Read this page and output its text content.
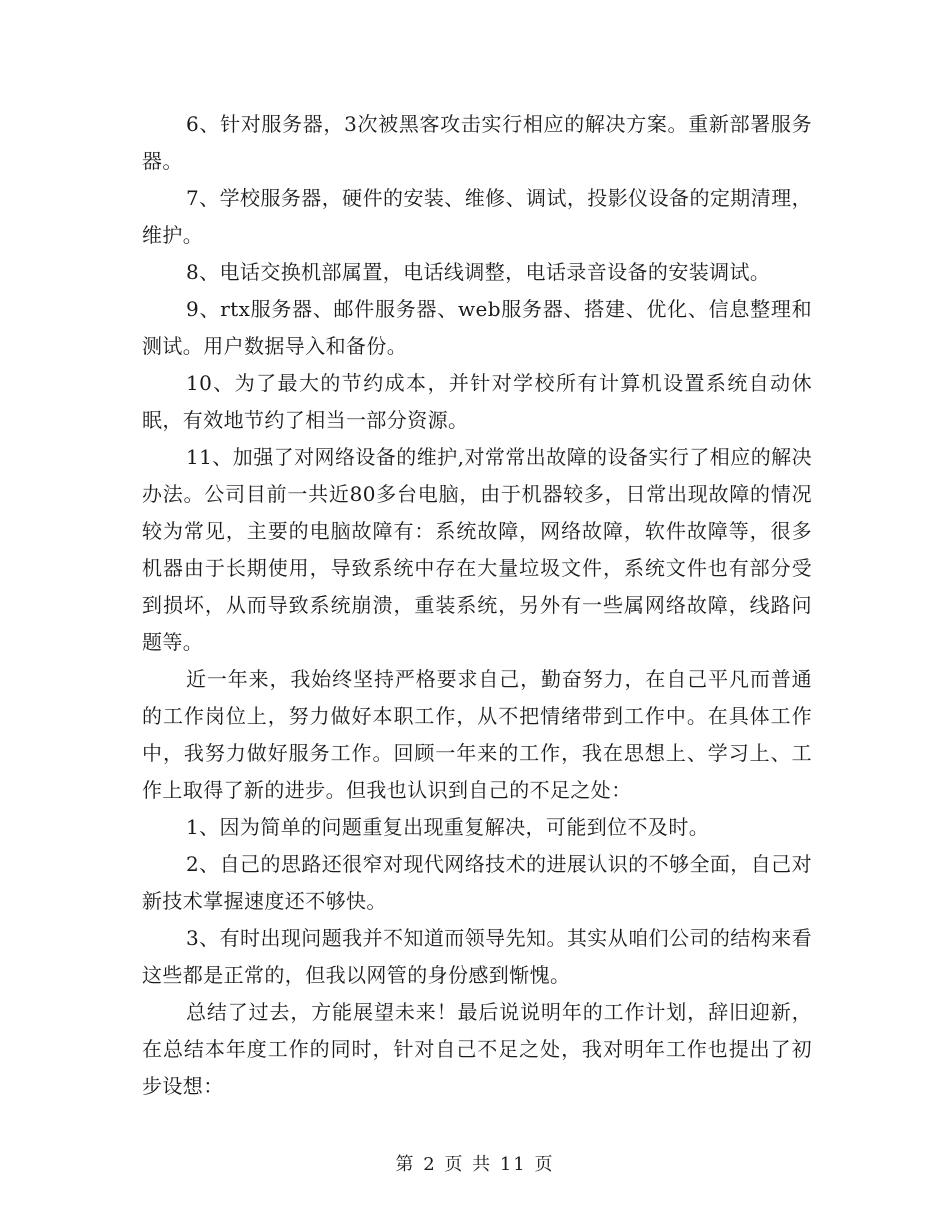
6、针对服务器，3次被黑客攻击实行相应的解决方案。重新部署服务器。

7、学校服务器，硬件的安装、维修、调试，投影仪设备的定期清理，维护。

8、电话交换机部属置，电话线调整，电话录音设备的安装调试。

9、rtx服务器、邮件服务器、web服务器、搭建、优化、信息整理和测试。用户数据导入和备份。

10、为了最大的节约成本，并针对学校所有计算机设置系统自动休眠，有效地节约了相当一部分资源。

11、加强了对网络设备的维护,对常常出故障的设备实行了相应的解决办法。公司目前一共近80多台电脑，由于机器较多，日常出现故障的情况较为常见，主要的电脑故障有：系统故障，网络故障，软件故障等，很多机器由于长期使用，导致系统中存在大量垃圾文件，系统文件也有部分受到损坏，从而导致系统崩溃，重装系统，另外有一些属网络故障，线路问题等。

近一年来，我始终坚持严格要求自己，勤奋努力，在自己平凡而普通的工作岗位上，努力做好本职工作，从不把情绪带到工作中。在具体工作中，我努力做好服务工作。回顾一年来的工作，我在思想上、学习上、工作上取得了新的进步。但我也认识到自己的不足之处：

1、因为简单的问题重复出现重复解决，可能到位不及时。

2、自己的思路还很窄对现代网络技术的进展认识的不够全面，自己对新技术掌握速度还不够快。

3、有时出现问题我并不知道而领导先知。其实从咱们公司的结构来看这些都是正常的，但我以网管的身份感到惭愧。

总结了过去，方能展望未来！最后说说明年的工作计划，辞旧迎新，在总结本年度工作的同时，针对自己不足之处，我对明年工作也提出了初步设想：

第 2 页 共 11 页
